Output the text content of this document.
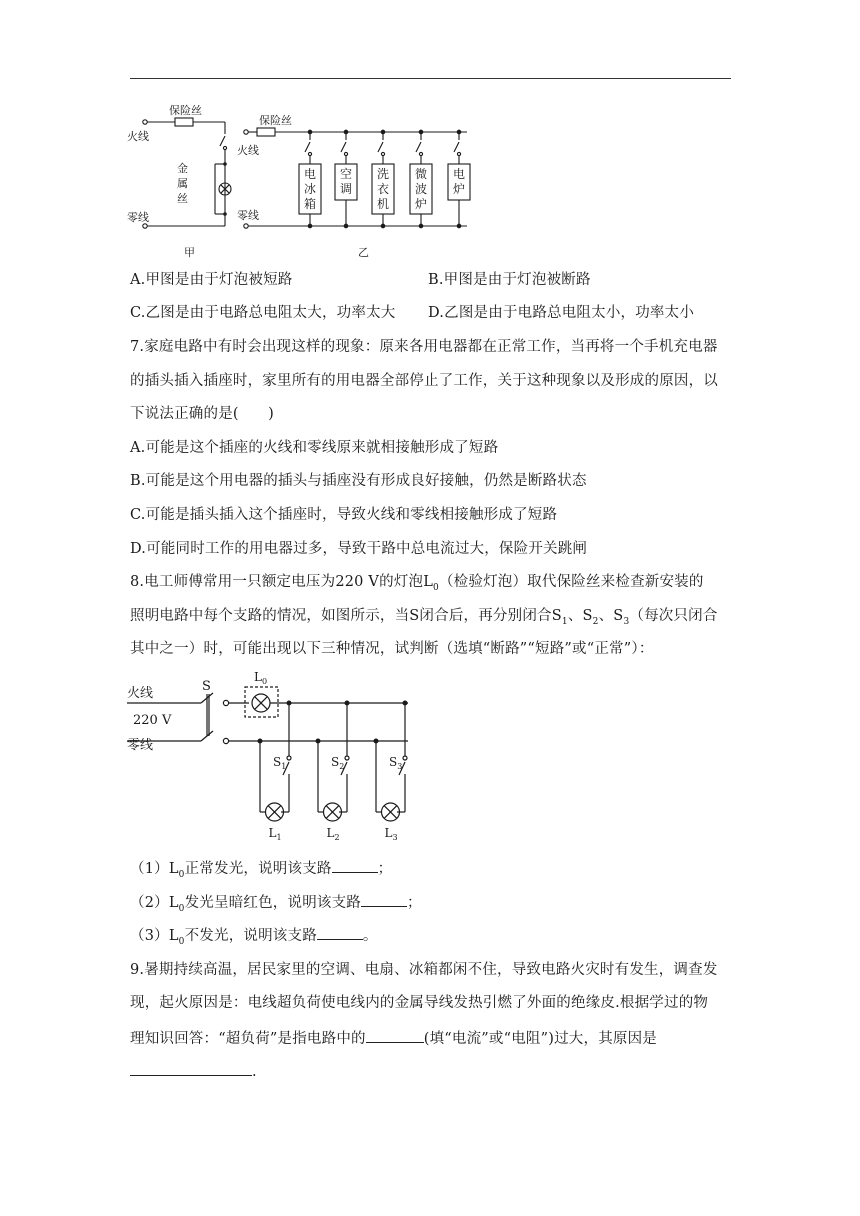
保险丝
火线
零线
金
属
丝
甲
保险丝
火线
零线
乙
电
冰
箱
空
调
洗
衣
机
微
波
炉
电
炉
A.甲图是由于灯泡被短路	B.甲图是由于灯泡被断路
C.乙图是由于电路总电阻太大，功率太大	D.乙图是由于电路总电阻太小，功率太小
7.家庭电路中有时会出现这样的现象：原来各用电器都在正常工作，当再将一个手机充电器
的插头插入插座时，家里所有的用电器全部停止了工作，关于这种现象以及形成的原因，以
下说法正确的是(　　)
A.可能是这个插座的火线和零线原来就相接触形成了短路
B.可能是这个用电器的插头与插座没有形成良好接触，仍然是断路状态
C.可能是插头插入这个插座时，导致火线和零线相接触形成了短路
D.可能同时工作的用电器过多，导致干路中总电流过大，保险开关跳闸
8.电工师傅常用一只额定电压为220 V的灯泡$L_0$（检验灯泡）取代保险丝来检查新安装的
照明电路中每个支路的情况，如图所示，当S闭合后，再分别闭合$S_1$、$S_2$、$S_3$（每次只闭合
其中之一）时，可能出现以下三种情况，试判断（选填“断路”“短路”或“正常”）：
火线
220 V
零线
S
$L_0$
$S_1$
$L_1$
$S_2$
$L_2$
$S_3$
$L_3$
$(1)L_0$正常发光，说明该支路	；
$(2)L_0$发光呈暗红色，说明该支路	；
$(3)L_0$不发光，说明该支路	。
9.暑期持续高温，居民家里的空调、电扇、冰箱都闲不住，导致电路火灾时有发生，调查发
现，起火原因是：电线超负荷使电线内的金属导线发热引燃了外面的绝缘皮.根据学过的物
理知识回答：“超负荷”是指电路中的	(填“电流”或“电阻”)过大，其原因是
.
